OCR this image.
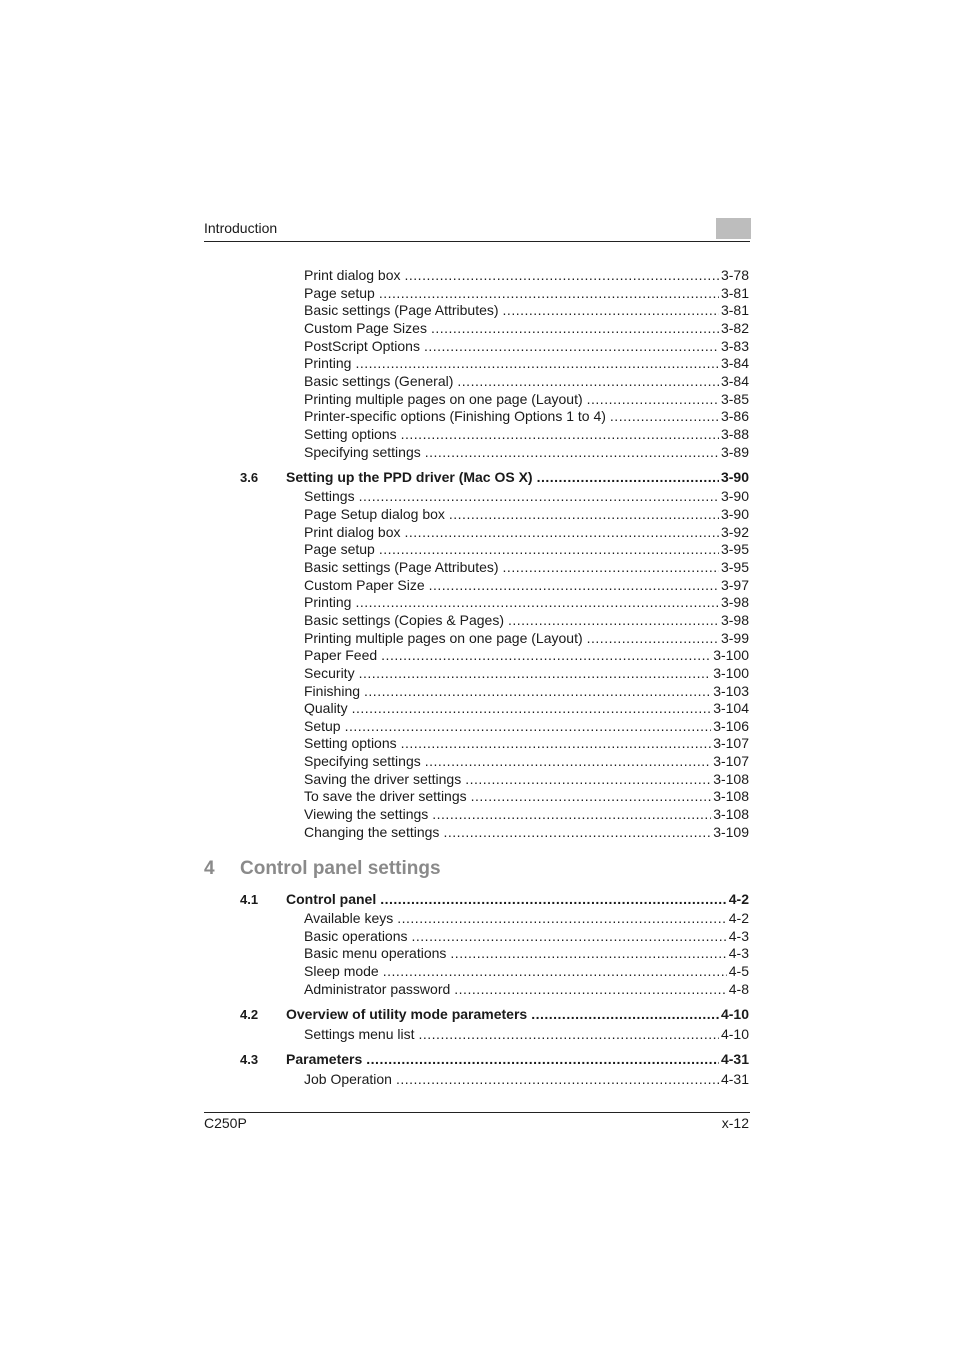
Introduction
Print dialog box .....	3-78
Page setup .....	3-81
Basic settings (Page Attributes) .....	3-81
Custom Page Sizes .....	3-82
PostScript Options .....	3-83
Printing .....	3-84
Basic settings (General) .....	3-84
Printing multiple pages on one page (Layout) .....	3-85
Printer-specific options (Finishing Options 1 to 4) .....	3-86
Setting options .....	3-88
Specifying settings .....	3-89
3.6 Setting up the PPD driver (Mac OS X) .....	3-90
Settings .....	3-90
Page Setup dialog box .....	3-90
Print dialog box .....	3-92
Page setup .....	3-95
Basic settings (Page Attributes) .....	3-95
Custom Paper Size .....	3-97
Printing .....	3-98
Basic settings (Copies & Pages) .....	3-98
Printing multiple pages on one page (Layout) .....	3-99
Paper Feed .....	3-100
Security .....	3-100
Finishing .....	3-103
Quality .....	3-104
Setup .....	3-106
Setting options .....	3-107
Specifying settings .....	3-107
Saving the driver settings .....	3-108
To save the driver settings .....	3-108
Viewing the settings .....	3-108
Changing the settings .....	3-109
4 Control panel settings
4.1 Control panel .....	4-2
Available keys .....	4-2
Basic operations .....	4-3
Basic menu operations .....	4-3
Sleep mode .....	4-5
Administrator password .....	4-8
4.2 Overview of utility mode parameters .....	4-10
Settings menu list .....	4-10
4.3 Parameters .....	4-31
Job Operation .....	4-31
C250P	x-12
